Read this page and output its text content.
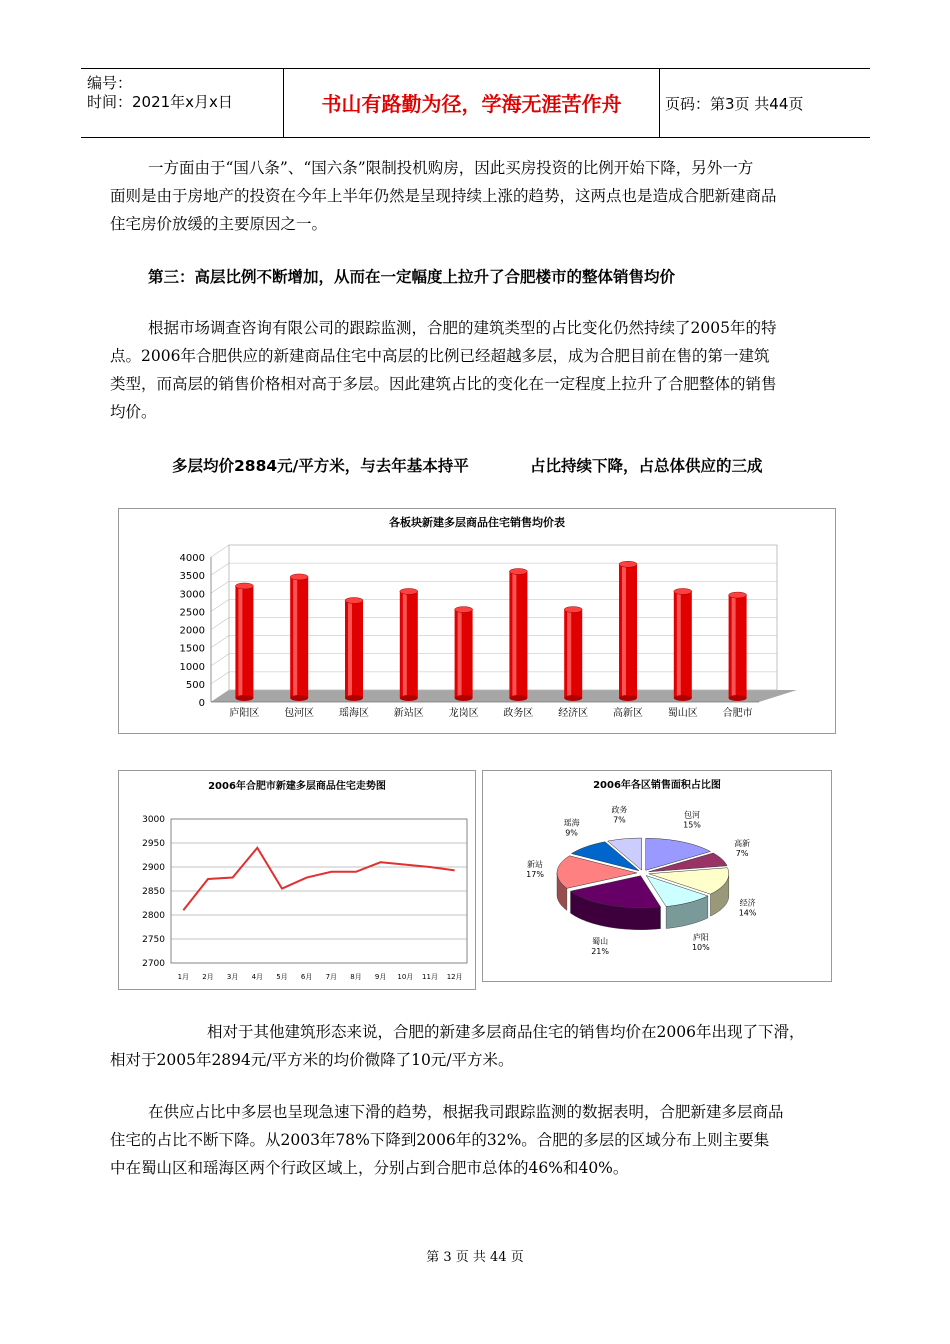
编号：
时间：2021年x月x日	书山有路勤为径，学海无涯苦作舟	页码：第3页 共44页

一方面由于“国八条”、“国六条”限制投机购房，因此买房投资的比例开始下降，另外一方

面则是由于房地产的投资在今年上半年仍然是呈现持续上涨的趋势，这两点也是造成合肥新建商品

住宅房价放缓的主要原因之一。

第三：高层比例不断增加，从而在一定幅度上拉升了合肥楼市的整体销售均价

根据市场调查咨询有限公司的跟踪监测，合肥的建筑类型的占比变化仍然持续了2005年的特

点。2006年合肥供应的新建商品住宅中高层的比例已经超越多层，成为合肥目前在售的第一建筑

类型，而高层的销售价格相对高于多层。因此建筑占比的变化在一定程度上拉升了合肥整体的销售

均价。

多层均价2884元/平方米，与去年基本持平	占比持续下降，占总体供应的三成

各板块新建多层商品住宅销售均价表
0
500
1000
1500
2000
2500
3000
3500
4000
庐阳区 包河区 瑶海区 新站区 龙岗区 政务区 经济区 高新区 蜀山区 合肥市
2006年合肥市新建多层商品住宅走势图
2700
2750
2800
2850
2900
2950
3000
1月 2月 3月 4月 5月 6月 7月 8月 9月 10月 11月 12月
2006年各区销售面积占比图
包河
15%
高新
7%
经济
14%
庐阳
10%
蜀山
21%
新站
17%
瑶海
9%
政务
7%

相对于其他建筑形态来说，合肥的新建多层商品住宅的销售均价在2006年出现了下滑，

相对于2005年2894元/平方米的均价微降了10元/平方米。

在供应占比中多层也呈现急速下滑的趋势，根据我司跟踪监测的数据表明，合肥新建多层商品

住宅的占比不断下降。从2003年78%下降到2006年的32%。合肥的多层的区域分布上则主要集

中在蜀山区和瑶海区两个行政区域上，分别占到合肥市总体的46%和40%。

第 3 页 共 44 页
